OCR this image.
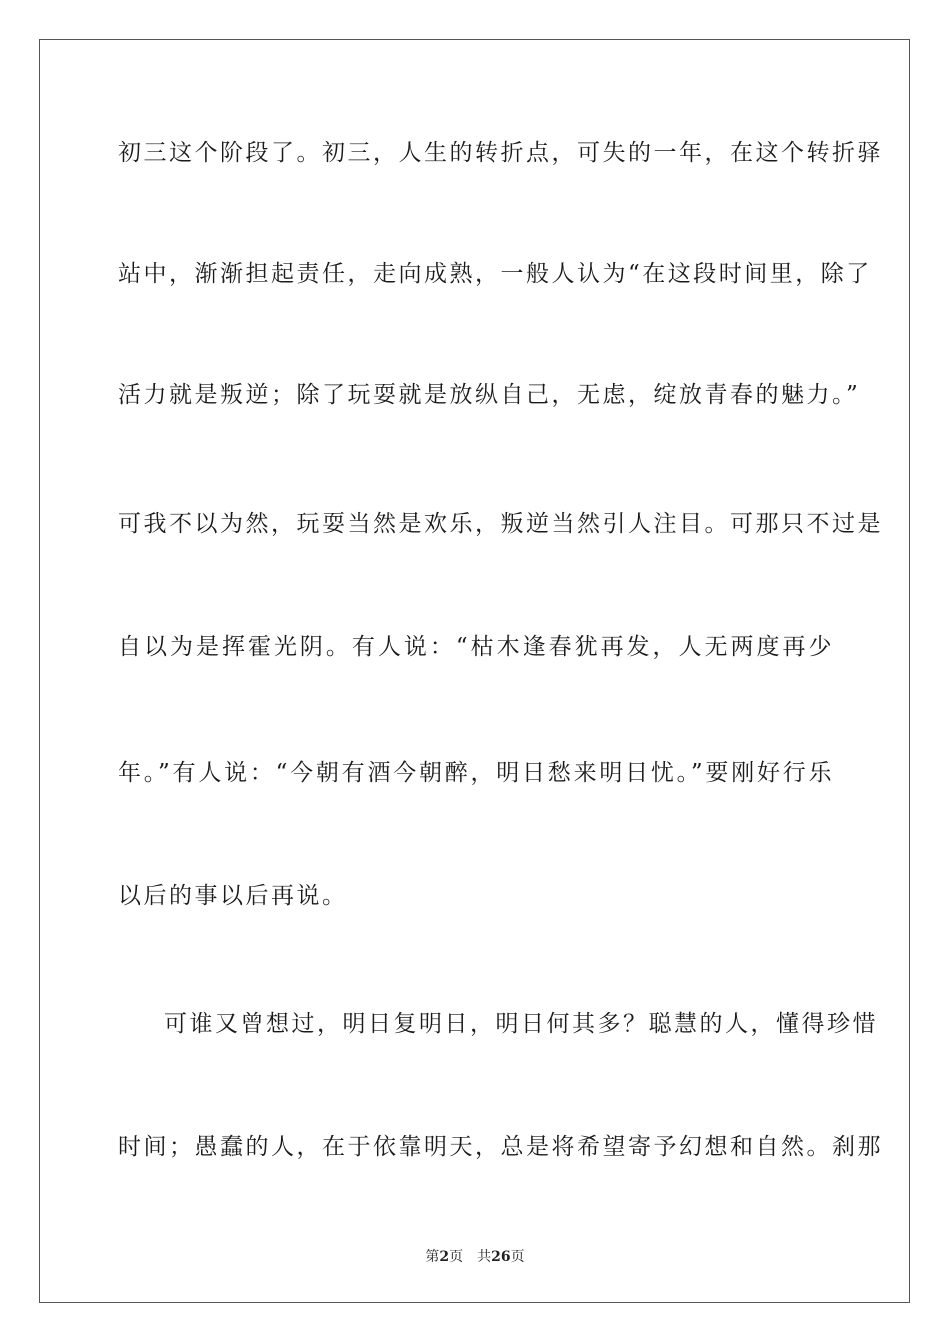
初三这个阶段了。初三，人生的转折点，可失的一年，在这个转折驿
站中，渐渐担起责任，走向成熟，一般人认为“在这段时间里，除了
活力就是叛逆；除了玩耍就是放纵自己，无虑，绽放青春的魅力。”
可我不以为然，玩耍当然是欢乐，叛逆当然引人注目。可那只不过是
自以为是挥霍光阴。有人说：“枯木逢春犹再发，人无两度再少
年。”有人说：“今朝有酒今朝醉，明日愁来明日忧。”要刚好行乐
以后的事以后再说。
可谁又曾想过，明日复明日，明日何其多？聪慧的人，懂得珍惜
时间；愚蠢的人，在于依靠明天，总是将希望寄予幻想和自然。刹那
第2页 共26页
